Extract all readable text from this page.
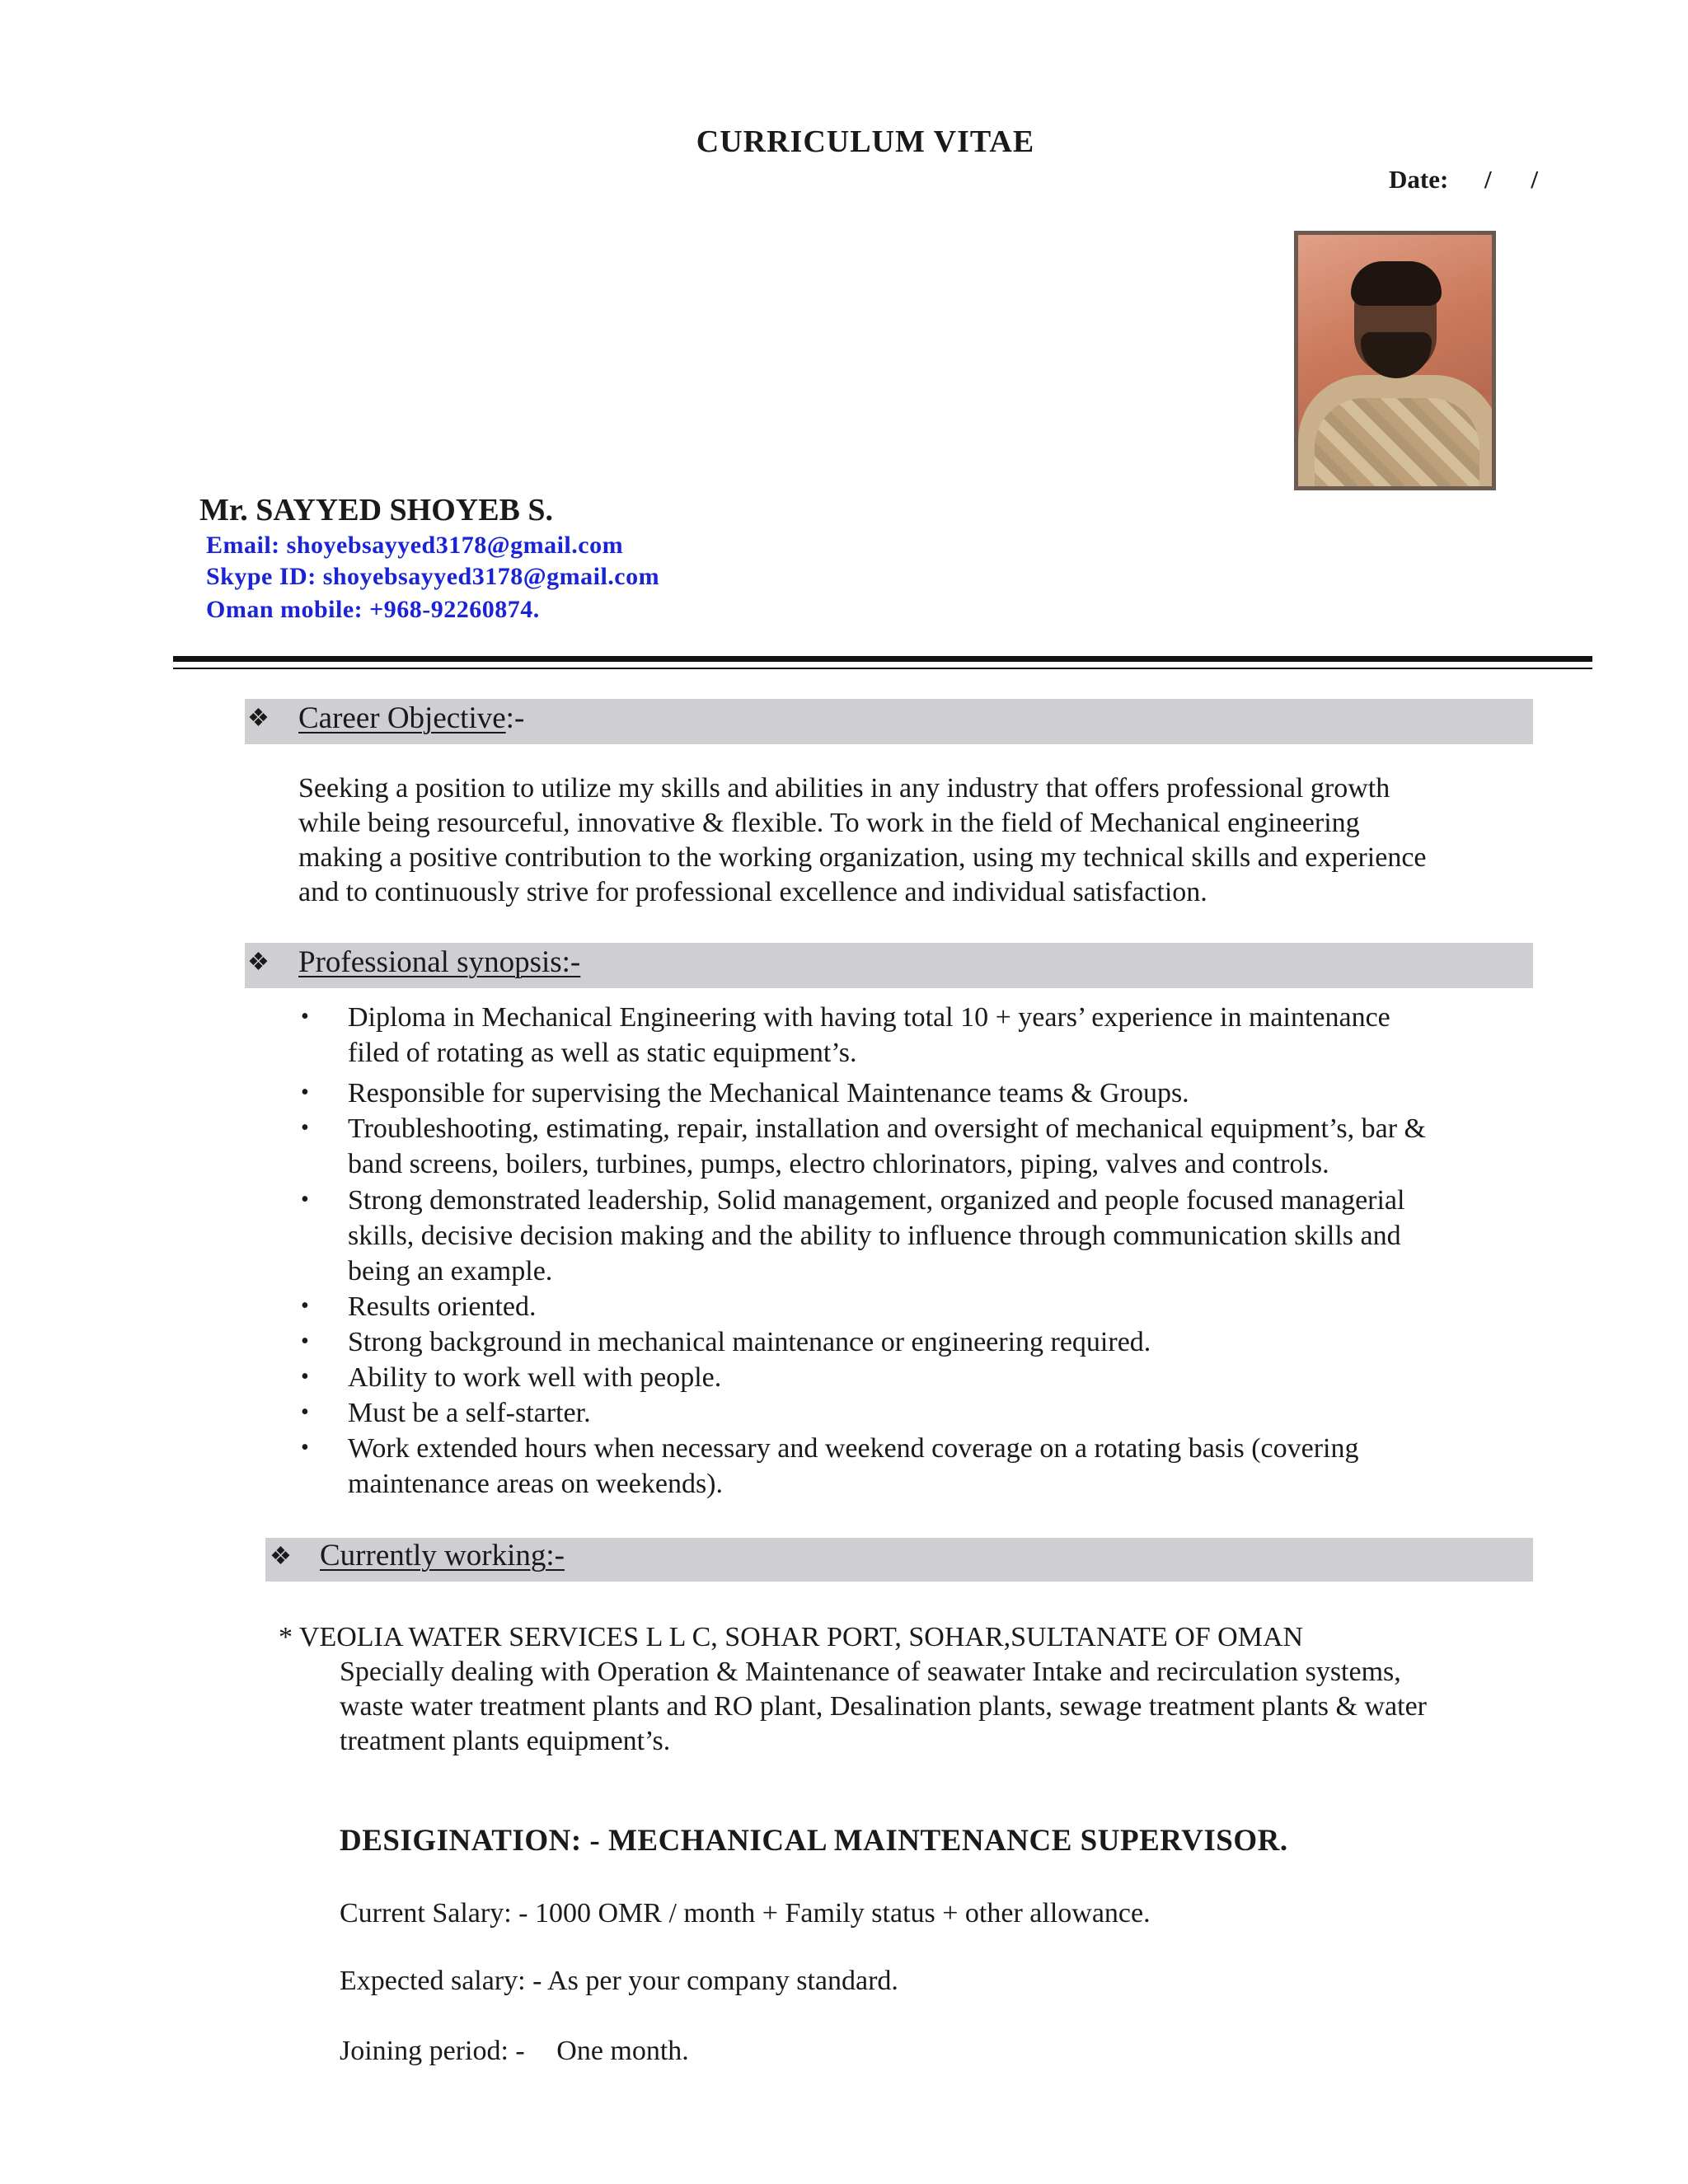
CURRICULUM VITAE
Date: / /
Mr. SAYYED SHOYEB S.
Email: shoyebsayyed3178@gmail.com
Skype ID: shoyebsayyed3178@gmail.com
Oman mobile: +968-92260874.
❖ Career Objective:-
Seeking a position to utilize my skills and abilities in any industry that offers professional growth
while being resourceful, innovative & flexible. To work in the field of Mechanical engineering
making a positive contribution to the working organization, using my technical skills and experience
and to continuously strive for professional excellence and individual satisfaction.
❖ Professional synopsis:-
• Diploma in Mechanical Engineering with having total 10 + years’ experience in maintenance
filed of rotating as well as static equipment’s.
• Responsible for supervising the Mechanical Maintenance teams & Groups.
• Troubleshooting, estimating, repair, installation and oversight of mechanical equipment’s, bar &
band screens, boilers, turbines, pumps, electro chlorinators, piping, valves and controls.
• Strong demonstrated leadership, Solid management, organized and people focused managerial
skills, decisive decision making and the ability to influence through communication skills and
being an example.
• Results oriented.
• Strong background in mechanical maintenance or engineering required.
• Ability to work well with people.
• Must be a self-starter.
• Work extended hours when necessary and weekend coverage on a rotating basis (covering
maintenance areas on weekends).
❖ Currently working:-
* VEOLIA WATER SERVICES L L C, SOHAR PORT, SOHAR,SULTANATE OF OMAN
Specially dealing with Operation & Maintenance of seawater Intake and recirculation systems,
waste water treatment plants and RO plant, Desalination plants, sewage treatment plants & water
treatment plants equipment’s.
DESIGINATION: - MECHANICAL MAINTENANCE SUPERVISOR.
Current Salary: - 1000 OMR / month + Family status + other allowance.
Expected salary: - As per your company standard.
Joining period: - One month.
